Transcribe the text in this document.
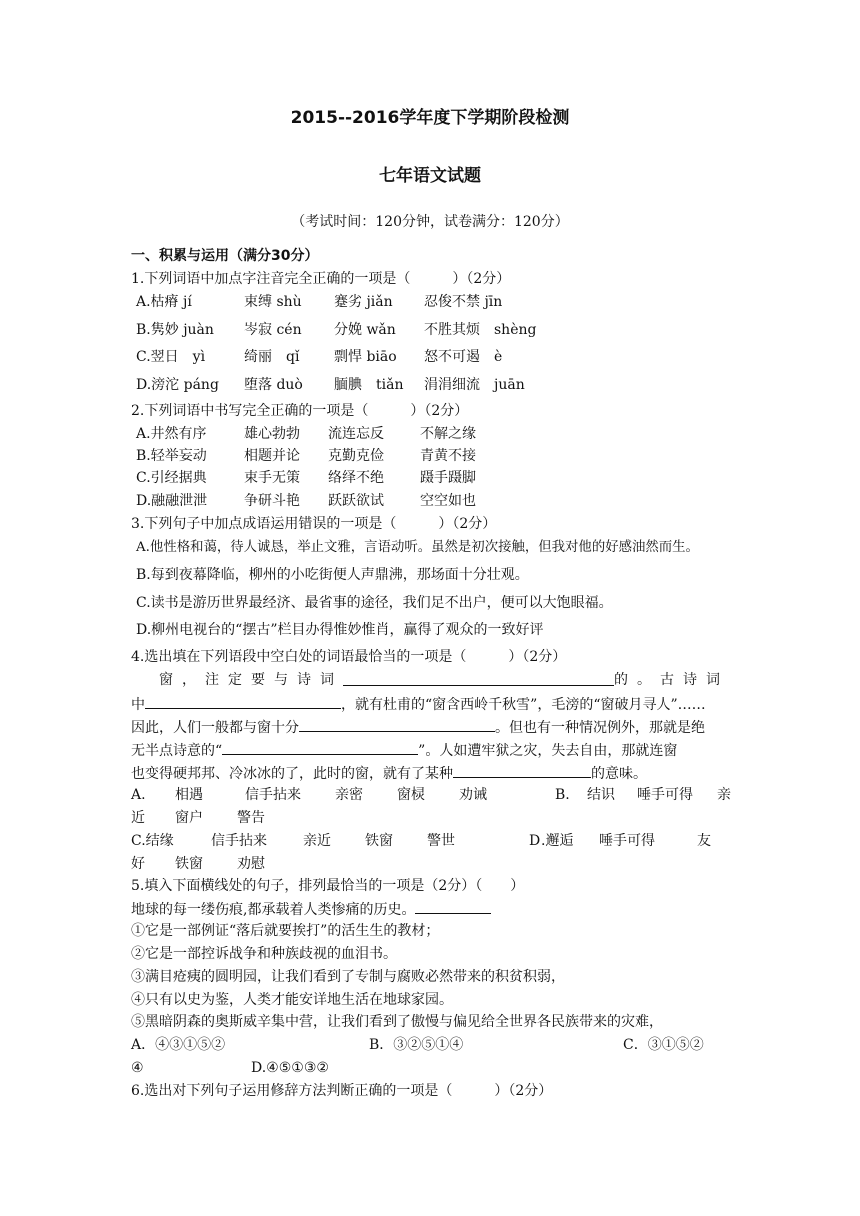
2015--2016学年度下学期阶段检测
七年语文试题
（考试时间：120分钟，试卷满分：120分）
一、积累与运用（满分30分）
1.下列词语中加点字注音完全正确的一项是（　　　）（2分）
A.枯瘠 jí	束缚 shù 蹇劣 jiǎn 忍俊不禁 jīn
B.隽妙 juàn 岑寂 cén 分娩 wǎn 不胜其烦　shèng
C.翌日　yì	绮丽　qǐ 剽悍 biāo 怒不可遏　è
D.滂沱 páng 堕落 duò 腼腆　tiǎn 涓涓细流　juān
2.下列词语中书写完全正确的一项是（　　　）（2分）
A.井然有序	雄心勃勃 流连忘反	不解之缘
B.轻举妄动	相题并论 克勤克俭	青黄不接
C.引经据典	束手无策 络绎不绝	蹑手蹑脚
D.融融泄泄	争研斗艳 跃跃欲试	空空如也
3.下列句子中加点成语运用错误的一项是（　　　）（2分）
A.他性格和蔼，待人诚恳，举止文雅，言语动听。虽然是初次接触，但我对他的好感油然而生。
B.每到夜幕降临，柳州的小吃街便人声鼎沸，那场面十分壮观。
C.读书是游历世界最经济、最省事的途径，我们足不出户，便可以大饱眼福。
D.柳州电视台的“摆古”栏目办得惟妙惟肖，赢得了观众的一致好评
4.选出填在下列语段中空白处的词语最恰当的一项是（　　　）（2分）
窗，注定要与诗词	的。古诗词
中	，就有杜甫的“窗含西岭千秋雪”，毛滂的“窗破月寻人”……
因此，人们一般都与窗十分	。但也有一种情况例外，那就是绝
无半点诗意的“	”。人如遭牢狱之灾，失去自由，那就连窗
也变得硬邦邦、冷冰冰的了，此时的窗，就有了某种	的意味。
A. 相遇	信手拈来 亲密 窗棂 劝诫	B. 结识 唾手可得 亲
近 窗户 警告
C.结缘	信手拈来	亲近 铁窗 警世	D.邂逅 唾手可得	友
好 铁窗 劝慰
5.填入下面横线处的句子，排列最恰当的一项是（2分）（　　）
地球的每一缕伤痕,都承载着人类惨痛的历史。
①它是一部例证“落后就要挨打”的活生生的教材；
②它是一部控诉战争和种族歧视的血泪书。
③满目疮痍的圆明园，让我们看到了专制与腐败必然带来的积贫积弱，
④只有以史为鉴，人类才能安详地生活在地球家园。
⑤黑暗阴森的奥斯威辛集中营，让我们看到了傲慢与偏见给全世界各民族带来的灾难，
A．④③①⑤②	B．③②⑤①④	C．③①⑤②
④	D.④⑤①③②
6.选出对下列句子运用修辞方法判断正确的一项是（　　　）（2分）
